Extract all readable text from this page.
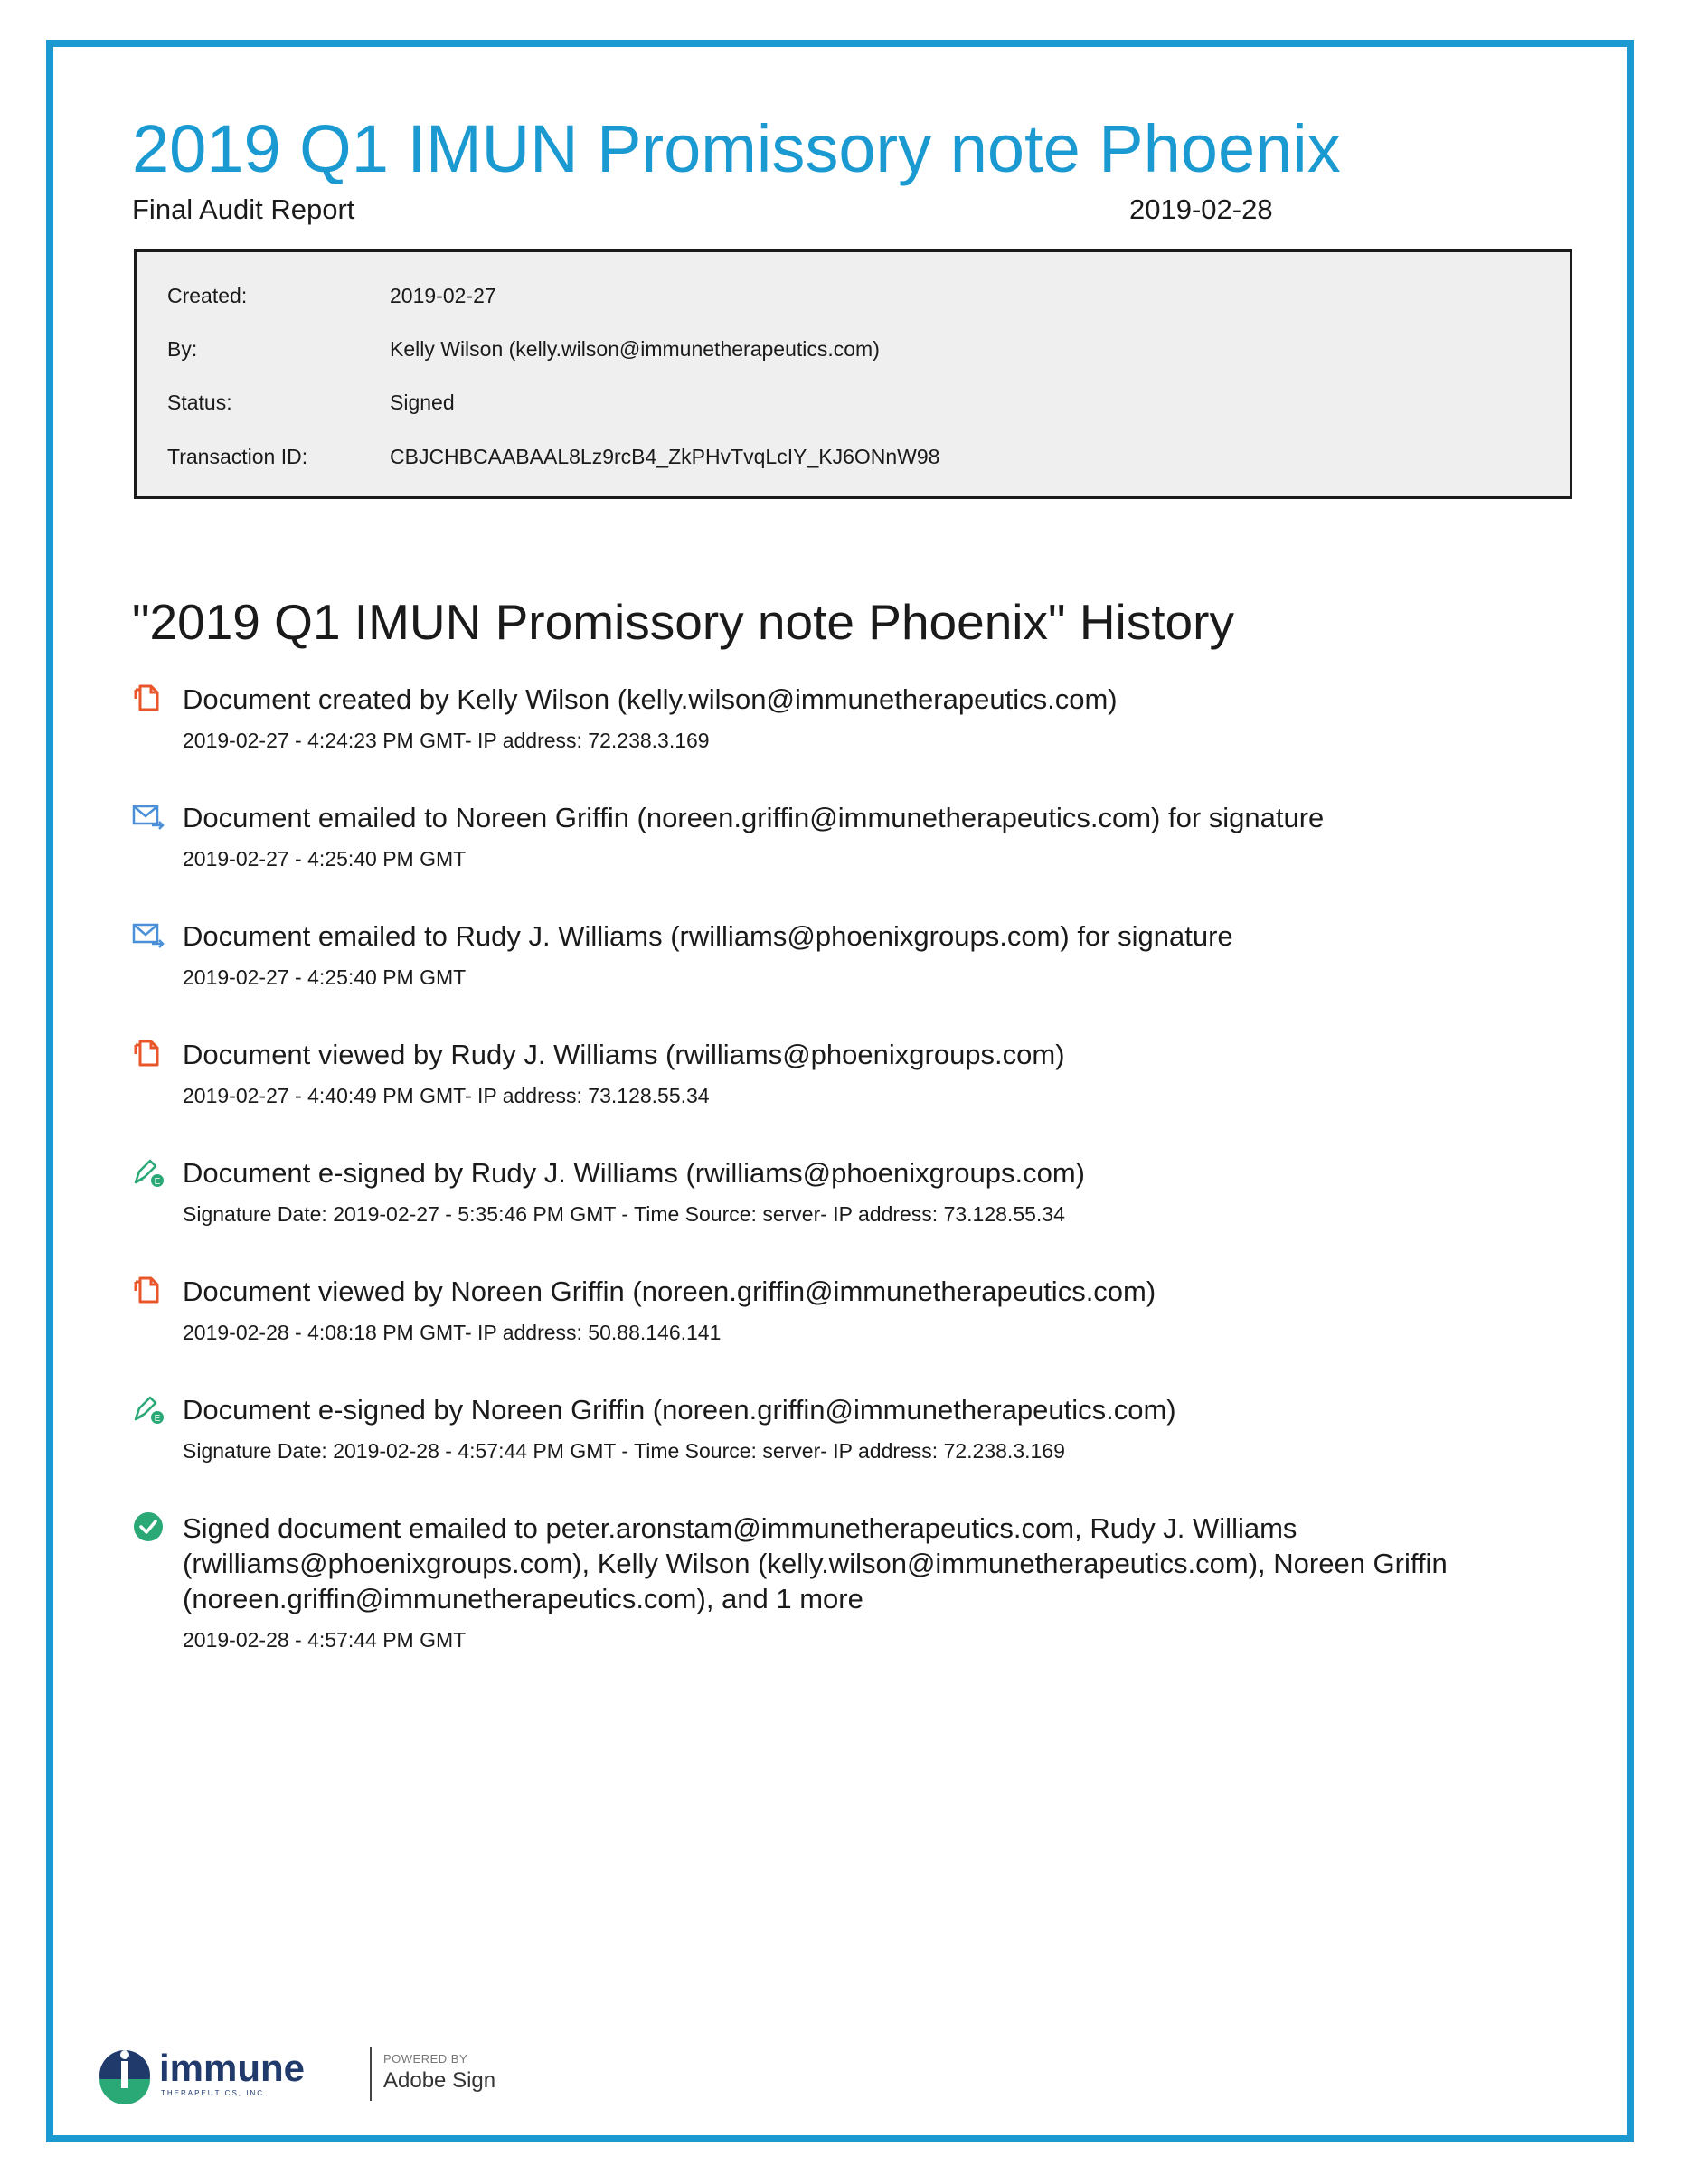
2019 Q1 IMUN Promissory note Phoenix
Final Audit Report	2019-02-28
Created:	2019-02-27
By:	Kelly Wilson (kelly.wilson@immunetherapeutics.com)
Status:	Signed
Transaction ID:	CBJCHBCAABAAL8Lz9rcB4_ZkPHvTvqLcIY_KJ6ONnW98
"2019 Q1 IMUN Promissory note Phoenix" History
Document created by Kelly Wilson (kelly.wilson@immunetherapeutics.com)
2019-02-27 - 4:24:23 PM GMT- IP address: 72.238.3.169
Document emailed to Noreen Griffin (noreen.griffin@immunetherapeutics.com) for signature
2019-02-27 - 4:25:40 PM GMT
Document emailed to Rudy J. Williams (rwilliams@phoenixgroups.com) for signature
2019-02-27 - 4:25:40 PM GMT
Document viewed by Rudy J. Williams (rwilliams@phoenixgroups.com)
2019-02-27 - 4:40:49 PM GMT- IP address: 73.128.55.34
E Document e-signed by Rudy J. Williams (rwilliams@phoenixgroups.com)
Signature Date: 2019-02-27 - 5:35:46 PM GMT - Time Source: server- IP address: 73.128.55.34
Document viewed by Noreen Griffin (noreen.griffin@immunetherapeutics.com)
2019-02-28 - 4:08:18 PM GMT- IP address: 50.88.146.141
E Document e-signed by Noreen Griffin (noreen.griffin@immunetherapeutics.com)
Signature Date: 2019-02-28 - 4:57:44 PM GMT - Time Source: server- IP address: 72.238.3.169
Signed document emailed to peter.aronstam@immunetherapeutics.com, Rudy J. Williams (rwilliams@phoenixgroups.com), Kelly Wilson (kelly.wilson@immunetherapeutics.com), Noreen Griffin (noreen.griffin@immunetherapeutics.com), and 1 more
2019-02-28 - 4:57:44 PM GMT
immune
THERAPEUTICS, INC.
POWERED BY
Adobe Sign
